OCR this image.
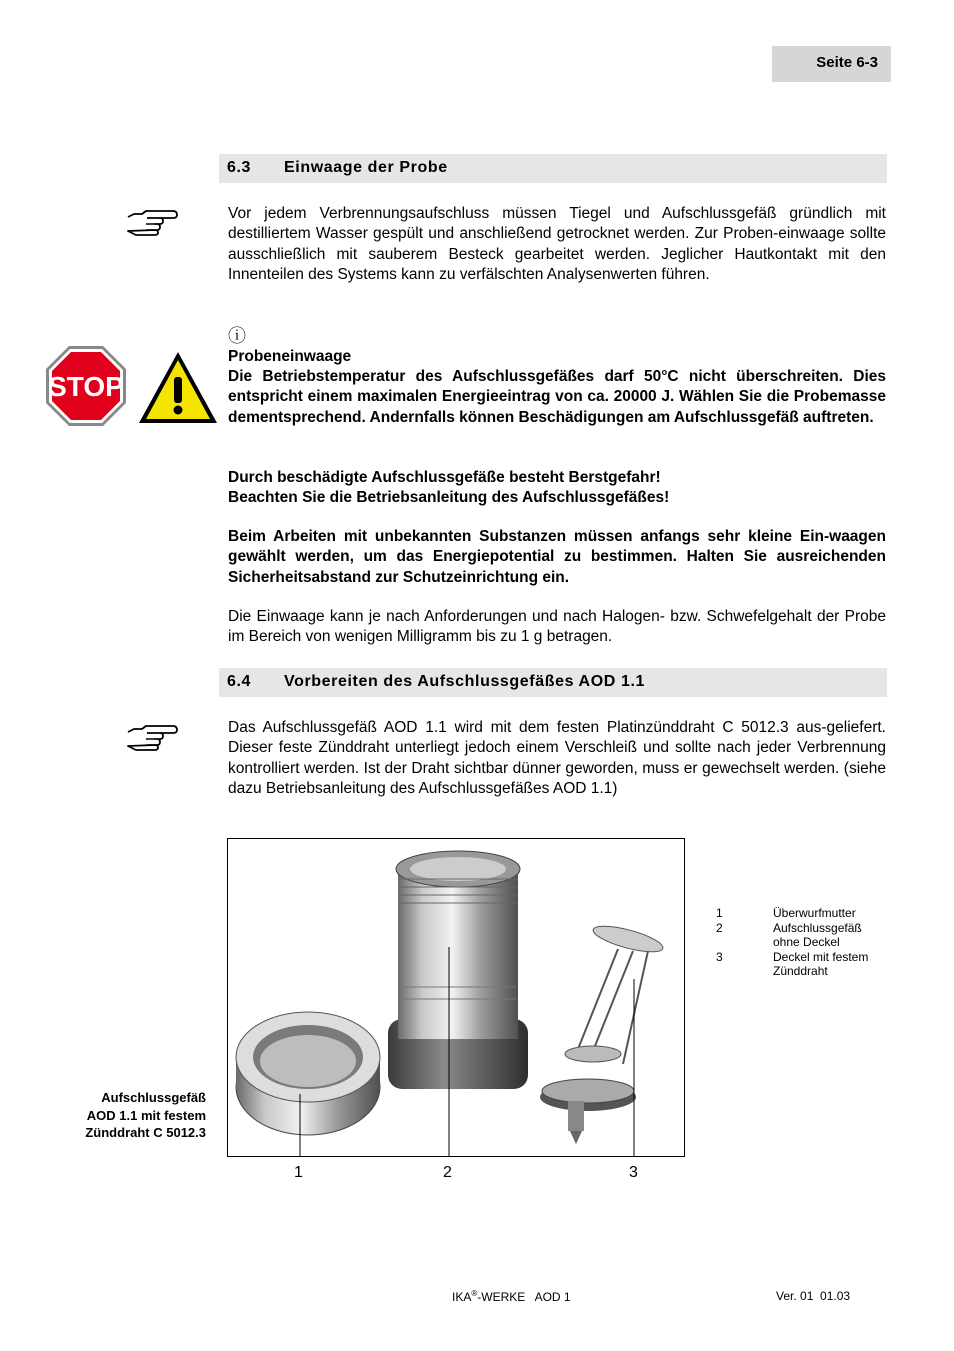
Seite 6-3
6.3 Einwaage der Probe

Vor jedem Verbrennungsaufschluss müssen Tiegel und Aufschlussgefäß gründlich mit destilliertem Wasser gespült und anschließend getrocknet werden. Zur Proben-einwaage sollte ausschließlich mit sauberem Besteck gearbeitet werden. Jeglicher Hautkontakt mit den Innenteilen des Systems kann zu verfälschten Analysenwerten führen.

ⓘ
STOP
Probeneinwaage

Die Betriebstemperatur des Aufschlussgefäßes darf 50°C nicht überschreiten. Dies entspricht einem maximalen Energieeintrag von ca. 20000 J. Wählen Sie die Probemasse dementsprechend. Andernfalls können Beschädigungen am Aufschlussgefäß auftreten.

Durch beschädigte Aufschlussgefäße besteht Berstgefahr!
Beachten Sie die Betriebsanleitung des Aufschlussgefäßes!

Beim Arbeiten mit unbekannten Substanzen müssen anfangs sehr kleine Ein-waagen gewählt werden, um das Energiepotential zu bestimmen. Halten Sie ausreichenden Sicherheitsabstand zur Schutzeinrichtung ein.

Die Einwaage kann je nach Anforderungen und nach Halogen- bzw. Schwefelgehalt der Probe im Bereich von wenigen Milligramm bis zu 1 g betragen.

6.4 Vorbereiten des Aufschlussgefäßes AOD 1.1

Das Aufschlussgefäß AOD 1.1 wird mit dem festen Platinzünddraht C 5012.3 aus-geliefert. Dieser feste Zünddraht unterliegt jedoch einem Verschleiß und sollte nach jeder Verbrennung kontrolliert werden. Ist der Draht sichtbar dünner geworden, muss er gewechselt werden. (siehe dazu Betriebsanleitung des Aufschlussgefäßes AOD 1.1)

1	2	3
1	Überwurfmutter
2	Aufschlussgefäß ohne Deckel
3	Deckel mit festem Zünddraht
Aufschlussgefäß
AOD 1.1 mit festem
Zünddraht C 5012.3
IKA®-WERKE   AOD 1	Ver. 01  01.03
